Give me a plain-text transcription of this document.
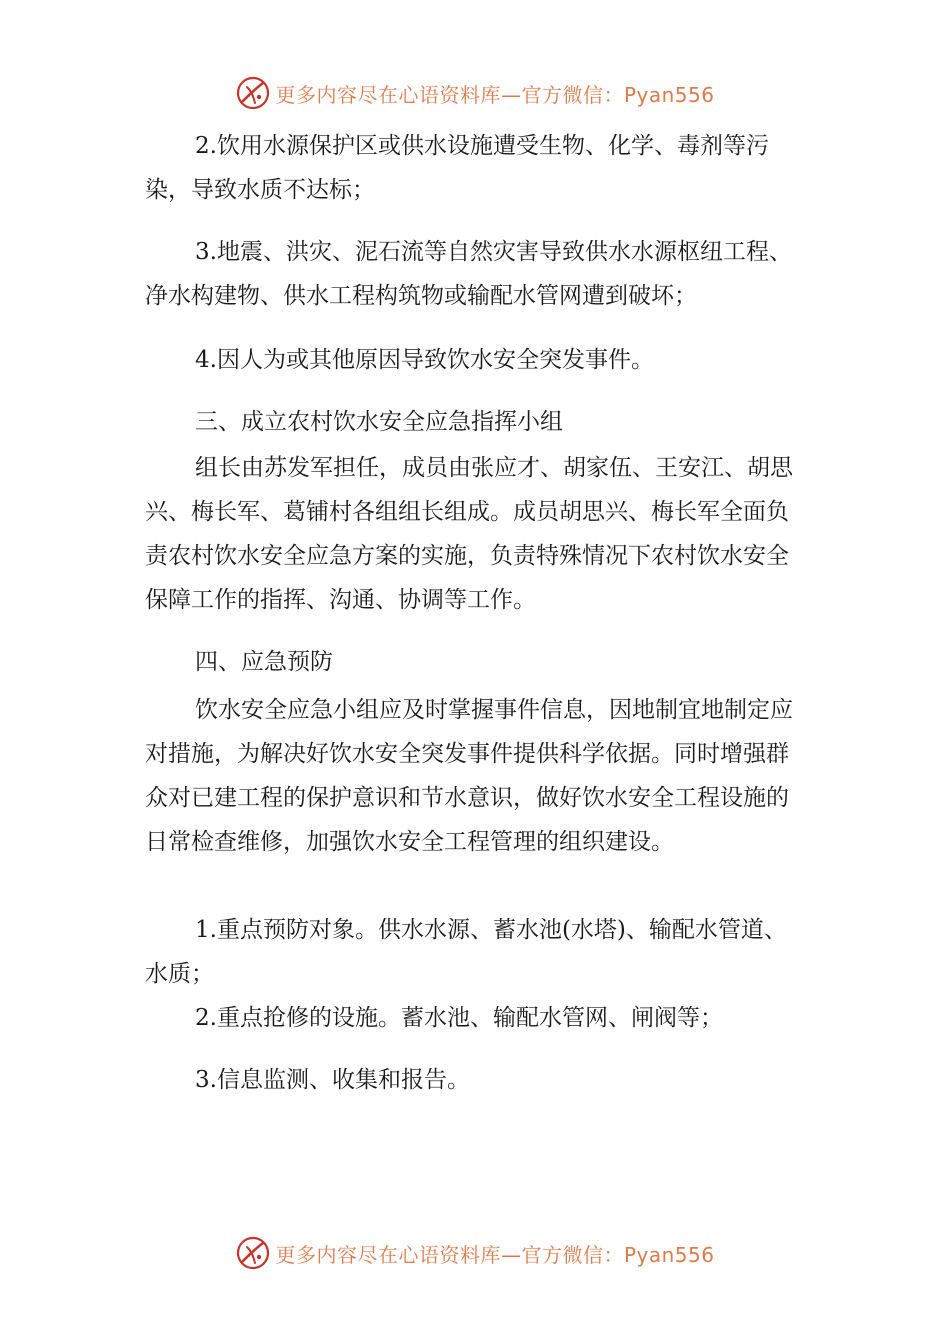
更多内容尽在心语资料库—官方微信：Pyan556

2.饮用水源保护区或供水设施遭受生物、化学、毒剂等污染，导致水质不达标；

3.地震、洪灾、泥石流等自然灾害导致供水水源枢纽工程、净水构建物、供水工程构筑物或输配水管网遭到破坏；

4.因人为或其他原因导致饮水安全突发事件。

三、成立农村饮水安全应急指挥小组

组长由苏发军担任，成员由张应才、胡家伍、王安江、胡思兴、梅长军、葛铺村各组组长组成。成员胡思兴、梅长军全面负责农村饮水安全应急方案的实施，负责特殊情况下农村饮水安全保障工作的指挥、沟通、协调等工作。

四、应急预防

饮水安全应急小组应及时掌握事件信息，因地制宜地制定应对措施，为解决好饮水安全突发事件提供科学依据。同时增强群众对已建工程的保护意识和节水意识，做好饮水安全工程设施的日常检查维修，加强饮水安全工程管理的组织建设。

1.重点预防对象。供水水源、蓄水池(水塔)、输配水管道、水质；

2.重点抢修的设施。蓄水池、输配水管网、闸阀等；

3.信息监测、收集和报告。

更多内容尽在心语资料库—官方微信：Pyan556
